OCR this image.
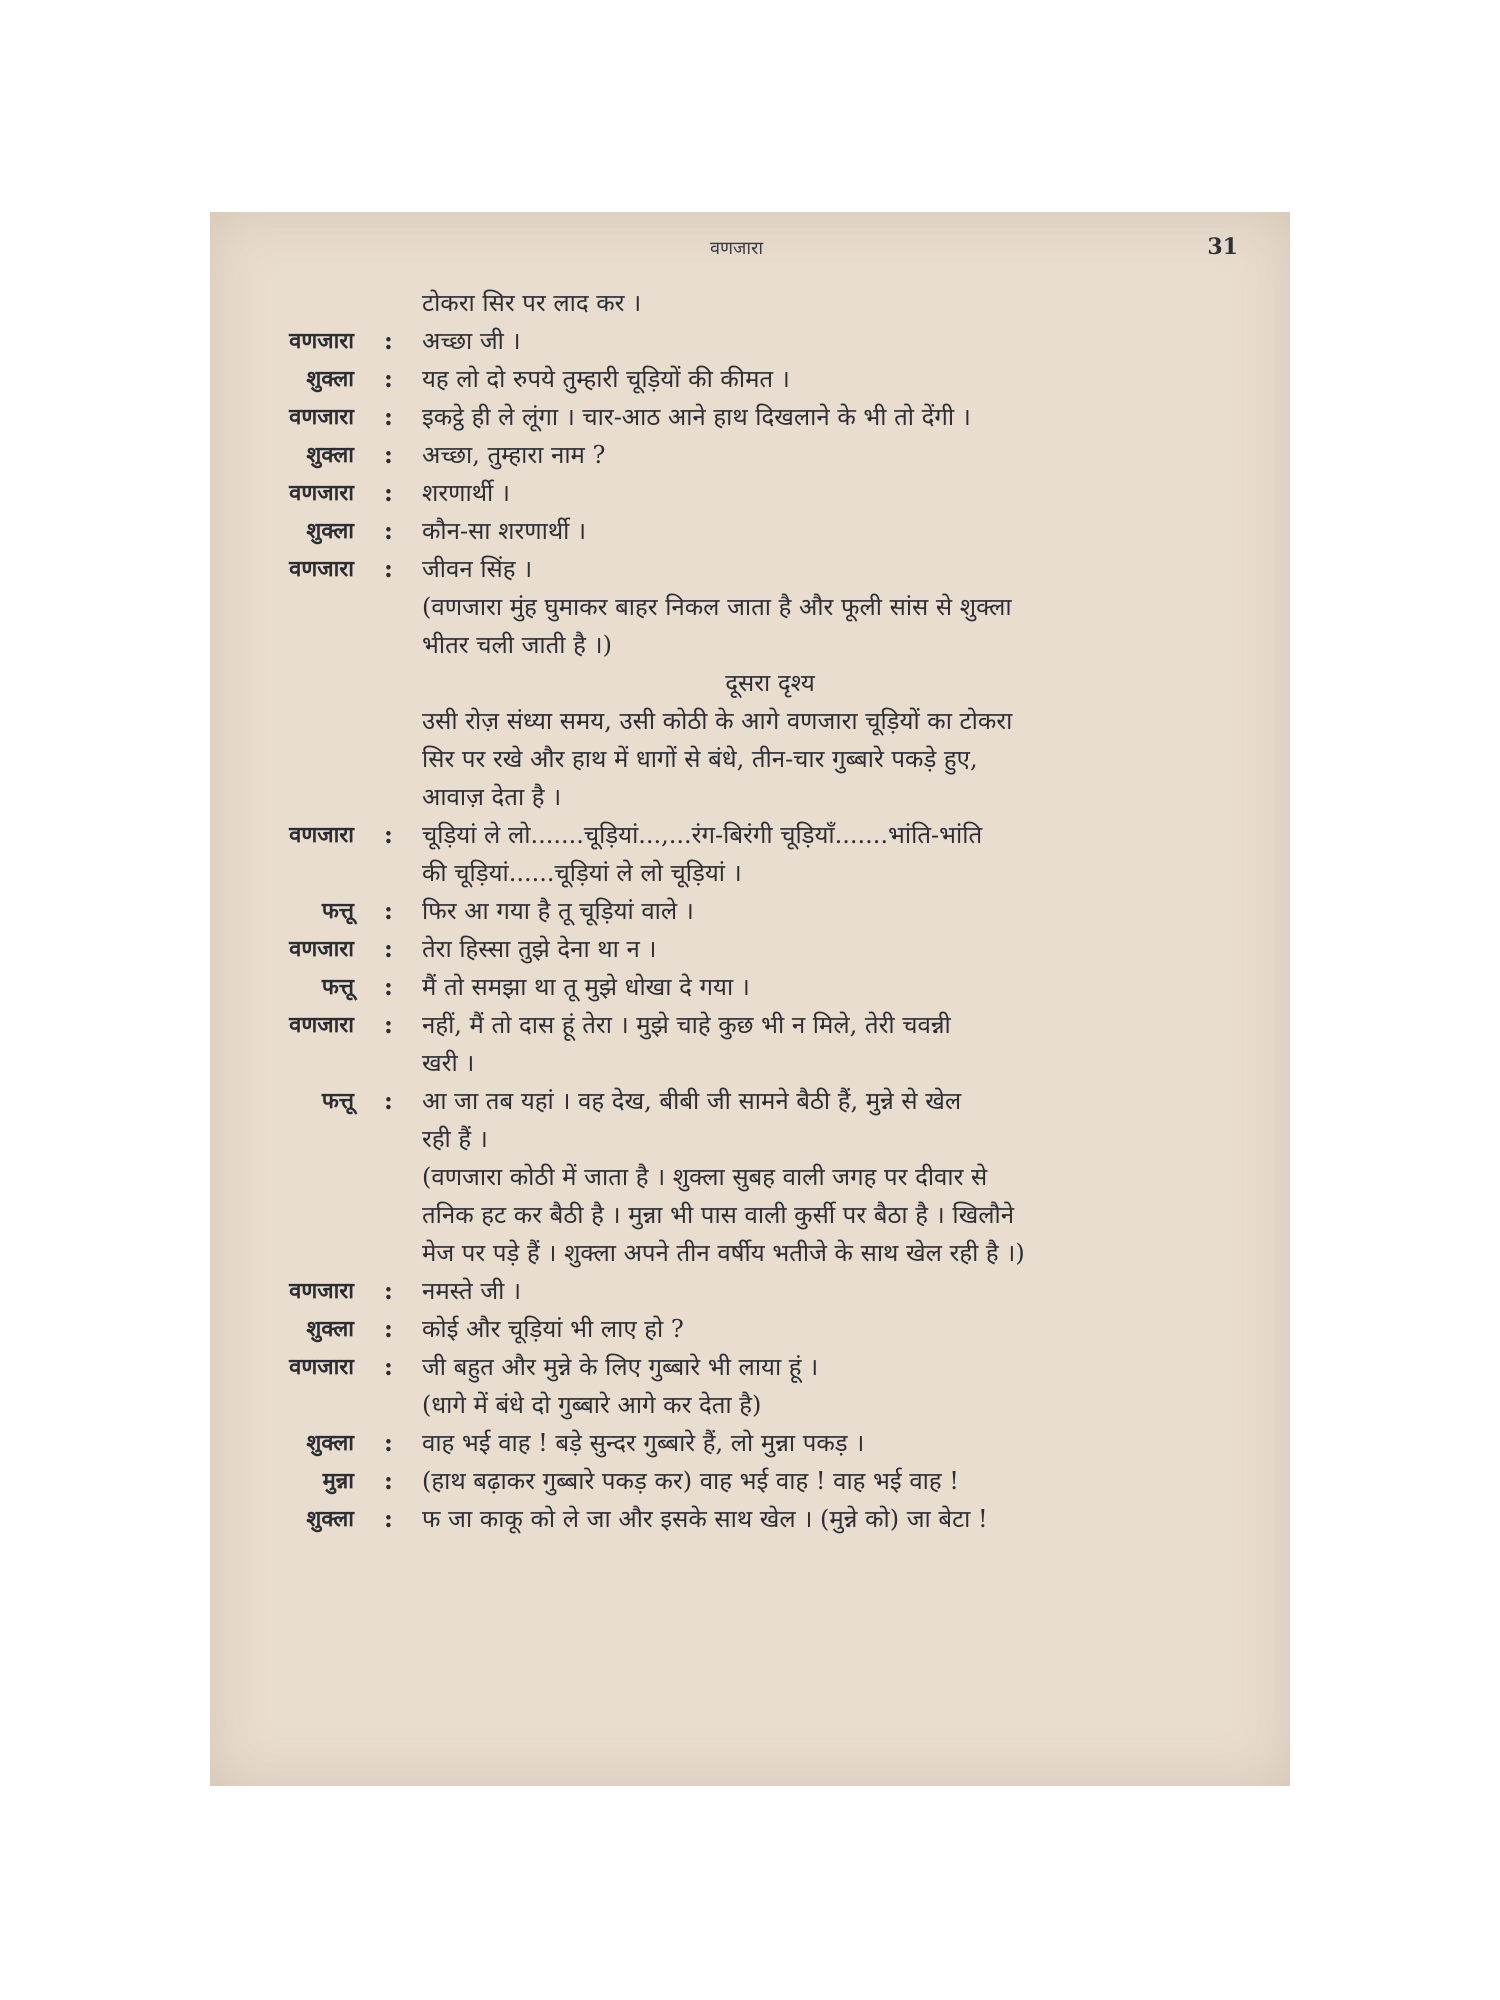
वणजारा	31
टोकरा सिर पर लाद कर ।
वणजारा : अच्छा जी ।
शुक्ला : यह लो दो रुपये तुम्हारी चूड़ियों की कीमत ।
वणजारा : इकट्ठे ही ले लूंगा । चार-आठ आने हाथ दिखलाने के भी तो देंगी ।
शुक्ला : अच्छा, तुम्हारा नाम ?
वणजारा : शरणार्थी ।
शुक्ला : कौन-सा शरणार्थी ।
वणजारा : जीवन सिंह ।
(वणजारा मुंह घुमाकर बाहर निकल जाता है और फूली सांस से शुक्ला
भीतर चली जाती है ।)
दूसरा दृश्य
उसी रोज़ संध्या समय, उसी कोठी के आगे वणजारा चूड़ियों का टोकरा
सिर पर रखे और हाथ में धागों से बंधे, तीन-चार गुब्बारे पकड़े हुए,
आवाज़ देता है ।
वणजारा : चूड़ियां ले लो.......चूड़ियां...,...रंग-बिरंगी चूड़ियाँ.......भांति-भांति
की चूड़ियां......चूड़ियां ले लो चूड़ियां ।
फत्तू : फिर आ गया है तू चूड़ियां वाले ।
वणजारा : तेरा हिस्सा तुझे देना था न ।
फत्तू : मैं तो समझा था तू मुझे धोखा दे गया ।
वणजारा : नहीं, मैं तो दास हूं तेरा । मुझे चाहे कुछ भी न मिले, तेरी चवन्नी
खरी ।
फत्तू : आ जा तब यहां । वह देख, बीबी जी सामने बैठी हैं, मुन्ने से खेल
रही हैं ।
(वणजारा कोठी में जाता है । शुक्ला सुबह वाली जगह पर दीवार से
तनिक हट कर बैठी है । मुन्ना भी पास वाली कुर्सी पर बैठा है । खिलौने
मेज पर पड़े हैं । शुक्ला अपने तीन वर्षीय भतीजे के साथ खेल रही है ।)
वणजारा : नमस्ते जी ।
शुक्ला : कोई और चूड़ियां भी लाए हो ?
वणजारा : जी बहुत और मुन्ने के लिए गुब्बारे भी लाया हूं ।
(धागे में बंधे दो गुब्बारे आगे कर देता है)
शुक्ला : वाह भई वाह ! बड़े सुन्दर गुब्बारे हैं, लो मुन्ना पकड़ ।
मुन्ना : (हाथ बढ़ाकर गुब्बारे पकड़ कर) वाह भई वाह ! वाह भई वाह !
शुक्ला : फ जा काकू को ले जा और इसके साथ खेल । (मुन्ने को) जा बेटा !
